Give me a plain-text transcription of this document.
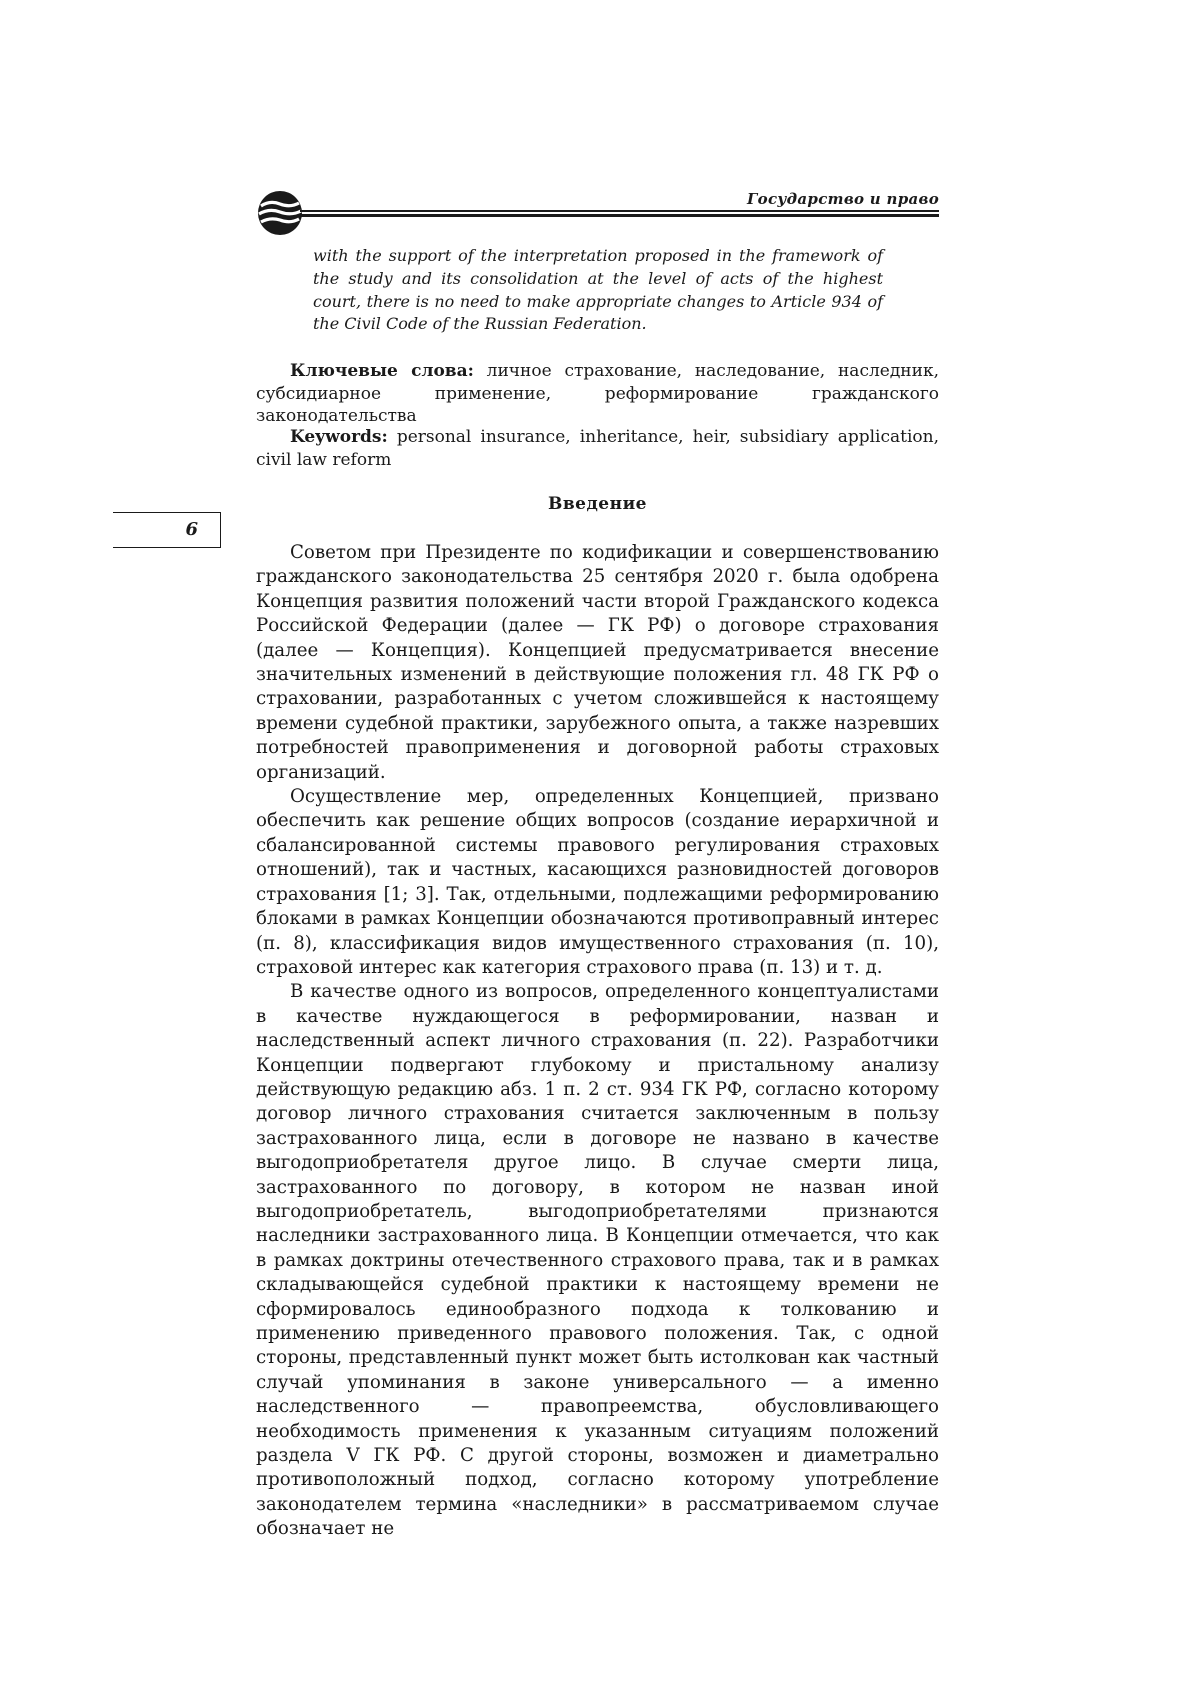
Государство и право

with the support of the interpretation proposed in the framework of the study and its consolidation at the level of acts of the highest court, there is no need to make appropriate changes to Article 934 of the Civil Code of the Russian Federation.

Ключевые слова: личное страхование, наследование, наследник, субсидиарное применение, реформирование гражданского законодательства

Keywords: personal insurance, inheritance, heir, subsidiary application, civil law reform

6
Введение

Советом при Президенте по кодификации и совершенствованию гражданского законодательства 25 сентября 2020 г. была одобрена Концепция развития положений части второй Гражданского кодекса Российской Федерации (далее — ГК РФ) о договоре страхования (далее — Концепция). Концепцией предусматривается внесение значительных изменений в действующие положения гл. 48 ГК РФ о страховании, разработанных с учетом сложившейся к настоящему времени судебной практики, зарубежного опыта, а также назревших потребностей правоприменения и договорной работы страховых организаций.

Осуществление мер, определенных Концепцией, призвано обеспечить как решение общих вопросов (создание иерархичной и сбалансированной системы правового регулирования страховых отношений), так и частных, касающихся разновидностей договоров страхования [1; 3]. Так, отдельными, подлежащими реформированию блоками в рамках Концепции обозначаются противоправный интерес (п. 8), классификация видов имущественного страхования (п. 10), страховой интерес как категория страхового права (п. 13) и т. д.

В качестве одного из вопросов, определенного концептуалистами в качестве нуждающегося в реформировании, назван и наследственный аспект личного страхования (п. 22). Разработчики Концепции подвергают глубокому и пристальному анализу действующую редакцию абз. 1 п. 2 ст. 934 ГК РФ, согласно которому договор личного страхования считается заключенным в пользу застрахованного лица, если в договоре не названо в качестве выгодоприобретателя другое лицо. В случае смерти лица, застрахованного по договору, в котором не назван иной выгодоприобретатель, выгодоприобретателями признаются наследники застрахованного лица. В Концепции отмечается, что как в рамках доктрины отечественного страхового права, так и в рамках складывающейся судебной практики к настоящему времени не сформировалось единообразного подхода к толкованию и применению приведенного правового положения. Так, с одной стороны, представленный пункт может быть истолкован как частный случай упоминания в законе универсального — а именно наследственного — правопреемства, обусловливающего необходимость применения к указанным ситуациям положений раздела V ГК РФ. С другой стороны, возможен и диаметрально противоположный подход, согласно которому употребление законодателем термина «наследники» в рассматриваемом случае обозначает не
